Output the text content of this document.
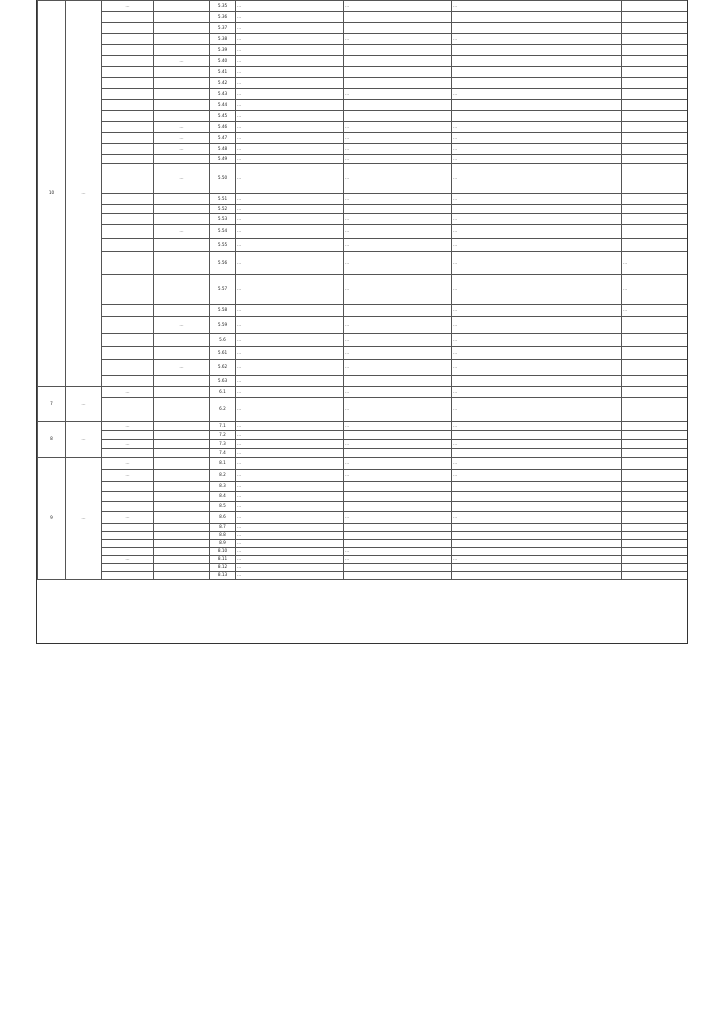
10	…	…		5.35	…	…	…	
				5.36	…			
				5.37	…			
				5.38	…	…	…	
				5.39	…			
			…	5.40	…			
				5.41	…			
				5.42	…			
				5.43	…	…	…	
				5.44	…			
				5.45	…			
			…	5.46	…	…	…	
			…	5.47	…	…	…	
			…	5.48	…	…	…	
				5.49	…	…	…	
			…	5.50	…	…	…	
				5.51	…	…	…	
				5.52	…			
				5.53	…	…	…	
			…	5.54	…	…	…	
				5.55	…	…	…	
				5.56	…	…	…	…
				5.57	…	…	…	…
				5.58	…		…	…
			…	5.59	…	…	…	
				5.6	…	…	…	
				5.61	…	…	…	
			…	5.62	…	…	…	
				5.63	…			
7	…	…		6.1	…	…	…	
				6.2	…	…	…	
8	…	…		7.1	…	…	…	
				7.2	…			
		…		7.3	…	…	…	
				7.4	…			
9	…	…		8.1	…	…	…	
		…		8.2	…	…	…	
				8.3	…			
				8.4	…			
				8.5	…			
		…		8.6	…	…	…	
				8.7	…			
				8.8	…			
				8.9	…			
				8.10	…	…		
		…		8.11	…	…	…	
				8.12	…			
				8.13	…			
